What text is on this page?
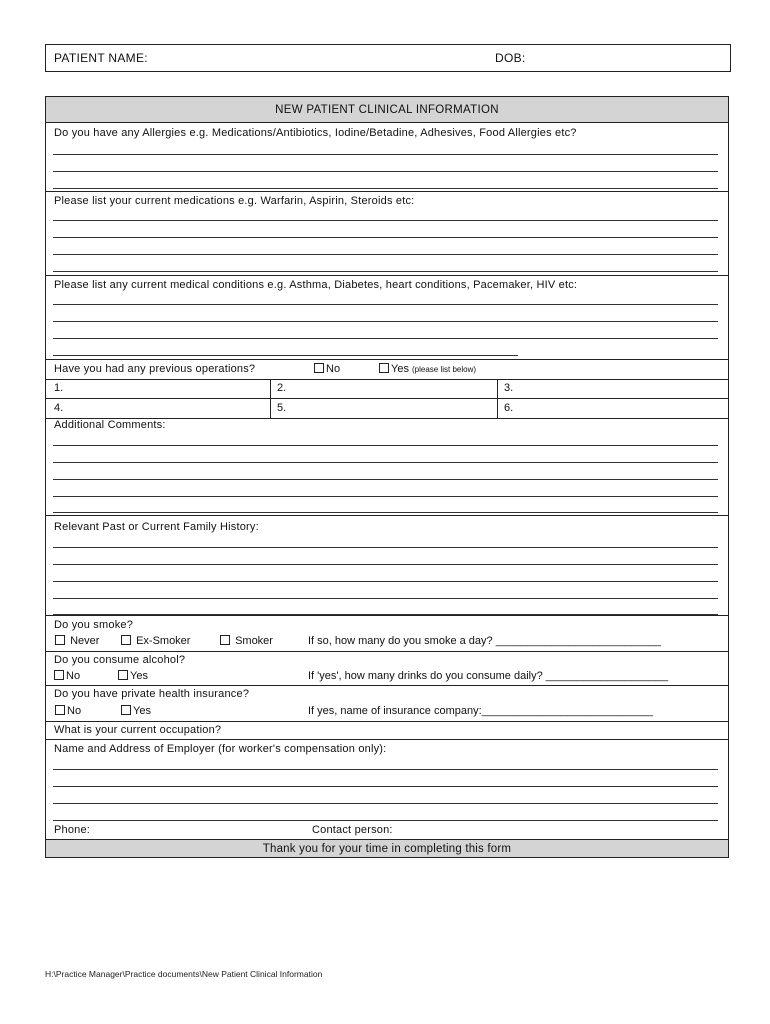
PATIENT NAME:	DOB:
NEW PATIENT CLINICAL INFORMATION
Do you have any Allergies e.g. Medications/Antibiotics, Iodine/Betadine, Adhesives, Food Allergies etc?
Please list your current medications e.g. Warfarin, Aspirin, Steroids etc:
Please list any current medical conditions e.g. Asthma, Diabetes, heart conditions, Pacemaker, HIV etc:
Have you had any previous operations?	No	Yes (please list below)
1.	2.	3.
4.	5.	6.
Additional Comments:
Relevant Past or Current Family History:
Do you smoke?
Never	Ex-Smoker	Smoker	If so, how many do you smoke a day? ___________________________
Do you consume alcohol?
No	Yes	If 'yes', how many drinks do you consume daily? ____________________
Do you have private health insurance?
No	Yes	If yes, name of insurance company:____________________________
What is your current occupation?
Name and Address of Employer (for worker's compensation only):
Phone:	Contact person:
Thank you for your time in completing this form
H:\Practice Manager\Practice documents\New Patient Clinical Information
